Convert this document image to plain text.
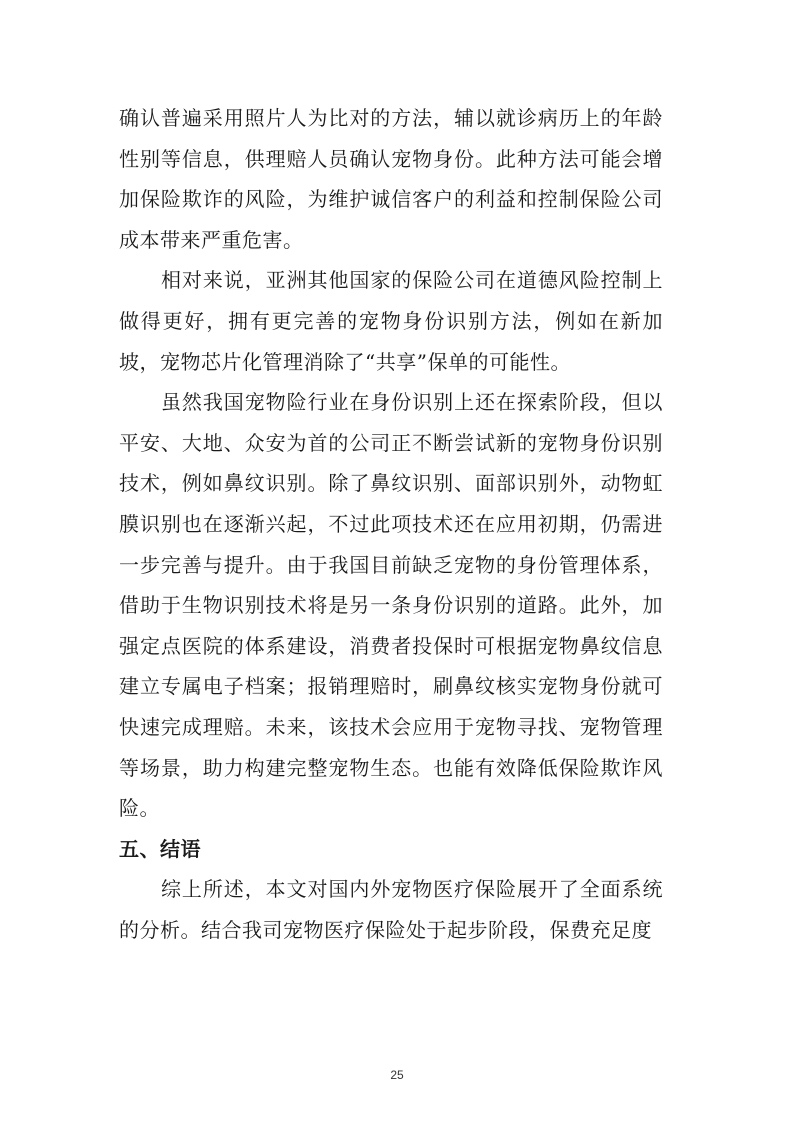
确认普遍采用照片人为比对的方法，辅以就诊病历上的年龄性别等信息，供理赔人员确认宠物身份。此种方法可能会增加保险欺诈的风险，为维护诚信客户的利益和控制保险公司成本带来严重危害。

相对来说，亚洲其他国家的保险公司在道德风险控制上做得更好，拥有更完善的宠物身份识别方法，例如在新加坡，宠物芯片化管理消除了“共享”保单的可能性。

虽然我国宠物险行业在身份识别上还在探索阶段，但以平安、大地、众安为首的公司正不断尝试新的宠物身份识别技术，例如鼻纹识别。除了鼻纹识别、面部识别外，动物虹膜识别也在逐渐兴起，不过此项技术还在应用初期，仍需进一步完善与提升。由于我国目前缺乏宠物的身份管理体系，借助于生物识别技术将是另一条身份识别的道路。此外，加强定点医院的体系建设，消费者投保时可根据宠物鼻纹信息建立专属电子档案；报销理赔时，刷鼻纹核实宠物身份就可快速完成理赔。未来，该技术会应用于宠物寻找、宠物管理等场景，助力构建完整宠物生态。也能有效降低保险欺诈风险。

五、结语

综上所述，本文对国内外宠物医疗保险展开了全面系统的分析。结合我司宠物医疗保险处于起步阶段，保费充足度

25
